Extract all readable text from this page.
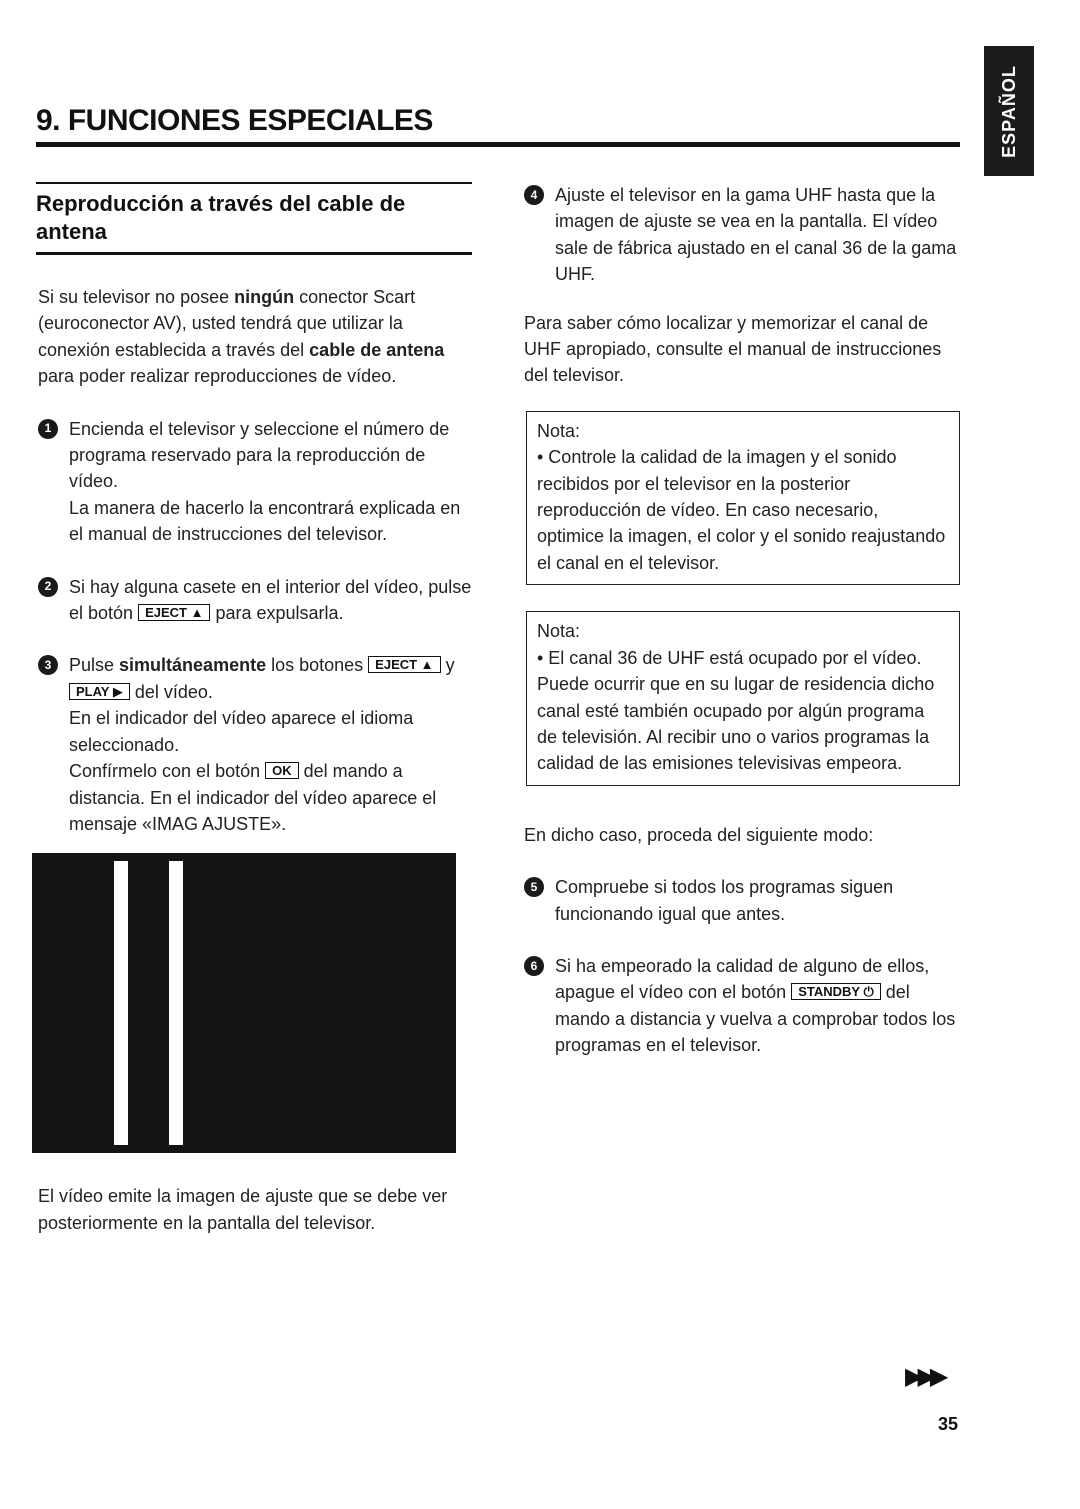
ESPAÑOL
9. FUNCIONES ESPECIALES
Reproducción a través del cable de antena

Si su televisor no posee ningún conector Scart (euroconector AV), usted tendrá que utilizar la conexión establecida a través del cable de antena para poder realizar reproducciones de vídeo.

1 Encienda el televisor y seleccione el número de programa reservado para la reproducción de vídeo.

La manera de hacerlo la encontrará explicada en el manual de instrucciones del televisor.

2 Si hay alguna casete en el interior del vídeo, pulse el botón EJECT ▲ para expulsarla.

3 Pulse simultáneamente los botones EJECT ▲ y PLAY ▶ del vídeo.

En el indicador del vídeo aparece el idioma seleccionado.

Confírmelo con el botón OK del mando a distancia. En el indicador del vídeo aparece el mensaje «IMAG AJUSTE».

El vídeo emite la imagen de ajuste que se debe ver posteriormente en la pantalla del televisor.

4 Ajuste el televisor en la gama UHF hasta que la imagen de ajuste se vea en la pantalla. El vídeo sale de fábrica ajustado en el canal 36 de la gama UHF.

Para saber cómo localizar y memorizar el canal de UHF apropiado, consulte el manual de instrucciones del televisor.

Nota:

• Controle la calidad de la imagen y el sonido recibidos por el televisor en la posterior reproducción de vídeo. En caso necesario, optimice la imagen, el color y el sonido reajustando el canal en el televisor.

Nota:

• El canal 36 de UHF está ocupado por el vídeo. Puede ocurrir que en su lugar de residencia dicho canal esté también ocupado por algún programa de televisión. Al recibir uno o varios programas la calidad de las emisiones televisivas empeora.

En dicho caso, proceda del siguiente modo:

5 Compruebe si todos los programas siguen funcionando igual que antes.

6 Si ha empeorado la calidad de alguno de ellos, apague el vídeo con el botón STANDBY ⏻ del mando a distancia y vuelva a comprobar todos los programas en el televisor.

▶▶▶
35
